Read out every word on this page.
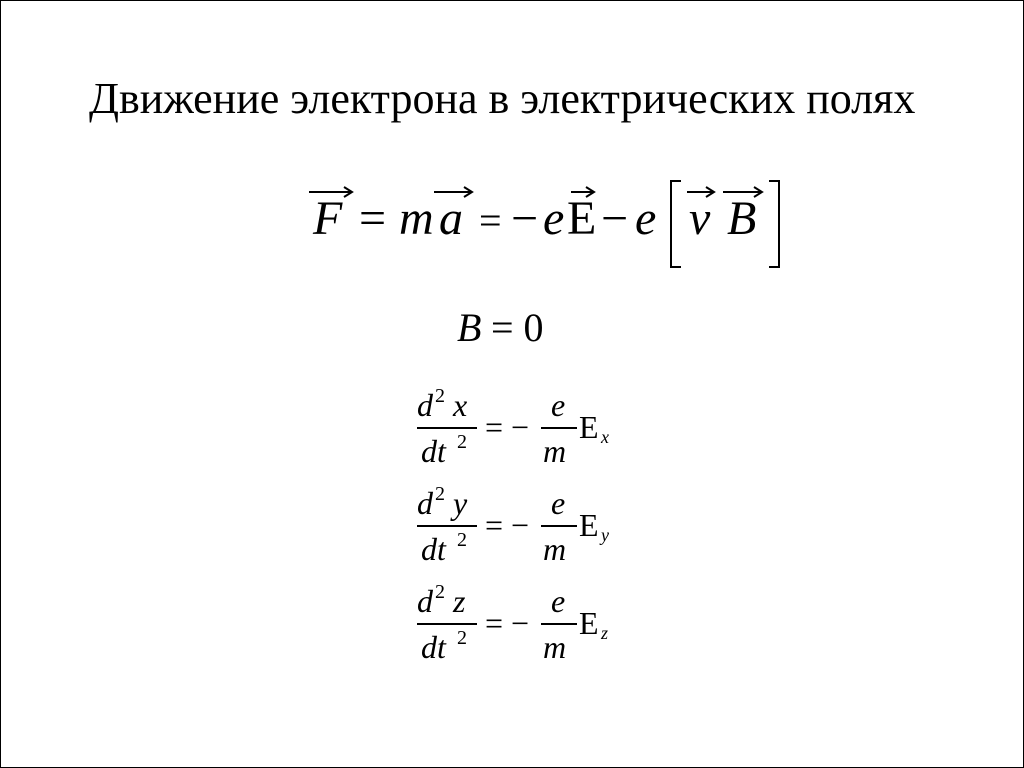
Движение электрона в электрических полях
F = m a = − e E − e v B
B = 0
d 2 x
dt 2 = −
e
m
E x
d 2 y
dt 2 = −
e
m
E y
d 2 z
dt 2 = −
e
m
E z
